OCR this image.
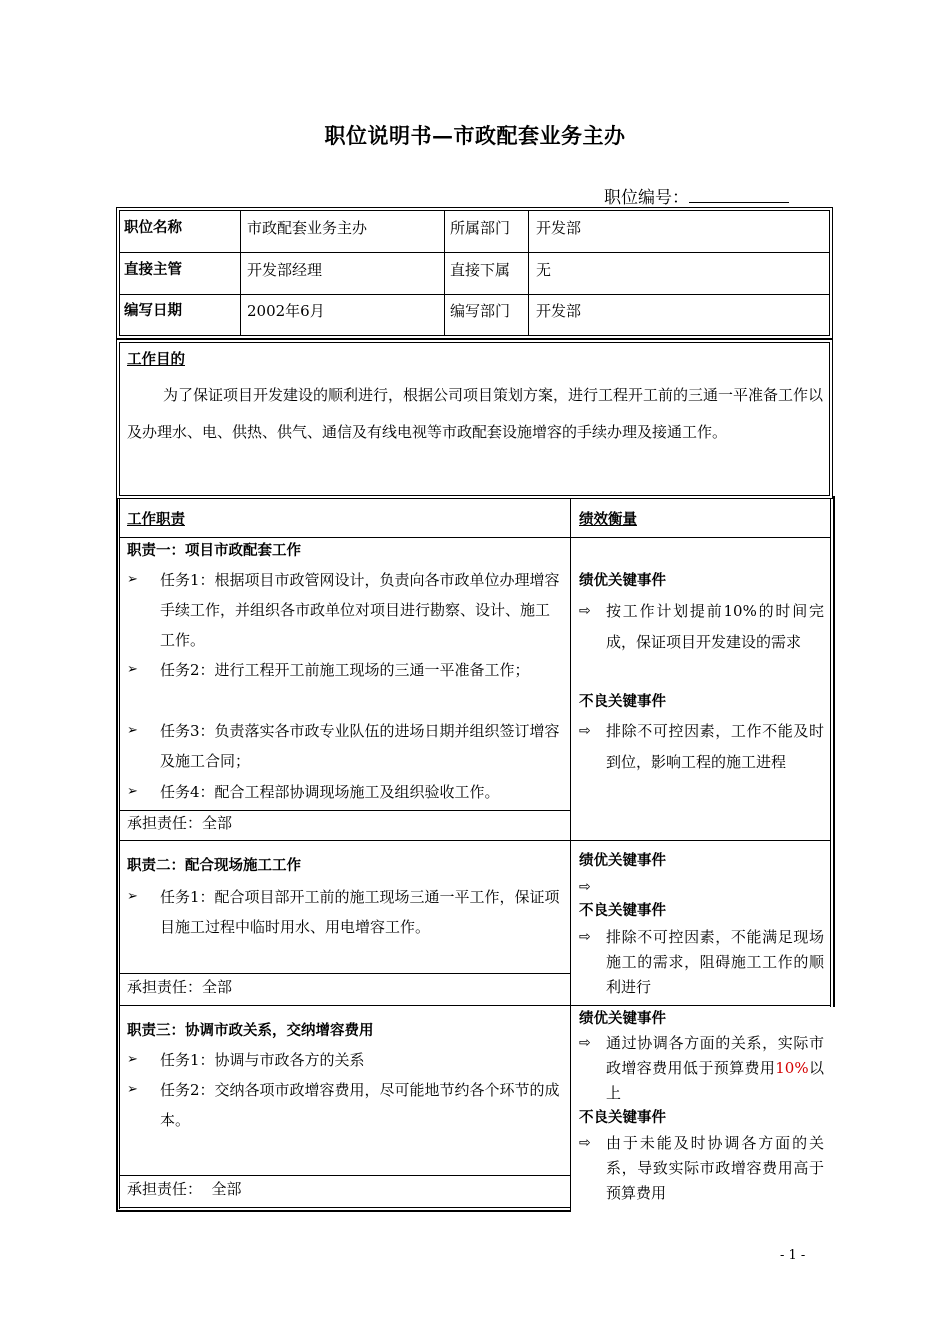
职位说明书—市政配套业务主办
职位编号：
职位名称	市政配套业务主办	所属部门 开发部
直接主管	开发部经理	直接下属 无
编写日期	2002年6月	编写部门 开发部
工作目的
为了保证项目开发建设的顺利进行，根据公司项目策划方案，进行工程开工前的三通一平准备工作以及办理水、电、供热、供气、通信及有线电视等市政配套设施增容的手续办理及接通工作。
工作职责	绩效衡量
职责一：项目市政配套工作
➢ 任务1：根据项目市政管网设计，负责向各市政单位办理增容手续工作，并组织各市政单位对项目进行勘察、设计、施工工作。
➢ 任务2：进行工程开工前施工现场的三通一平准备工作；
➢ 任务3：负责落实各市政专业队伍的进场日期并组织签订增容及施工合同；
➢ 任务4：配合工程部协调现场施工及组织验收工作。
承担责任：全部
绩优关键事件
⇨ 按工作计划提前10%的时间完成，保证项目开发建设的需求
不良关键事件
⇨ 排除不可控因素，工作不能及时到位，影响工程的施工进程
职责二：配合现场施工工作
➢ 任务1：配合项目部开工前的施工现场三通一平工作，保证项目施工过程中临时用水、用电增容工作。
承担责任：全部
绩优关键事件
⇨
不良关键事件
⇨ 排除不可控因素，不能满足现场施工的需求，阻碍施工工作的顺利进行
职责三：协调市政关系，交纳增容费用
➢ 任务1：协调与市政各方的关系
➢ 任务2：交纳各项市政增容费用，尽可能地节约各个环节的成本。
承担责任：  全部
绩优关键事件
⇨ 通过协调各方面的关系，实际市政增容费用低于预算费用10%以上
不良关键事件
⇨ 由于未能及时协调各方面的关系，导致实际市政增容费用高于预算费用
- 1 -
